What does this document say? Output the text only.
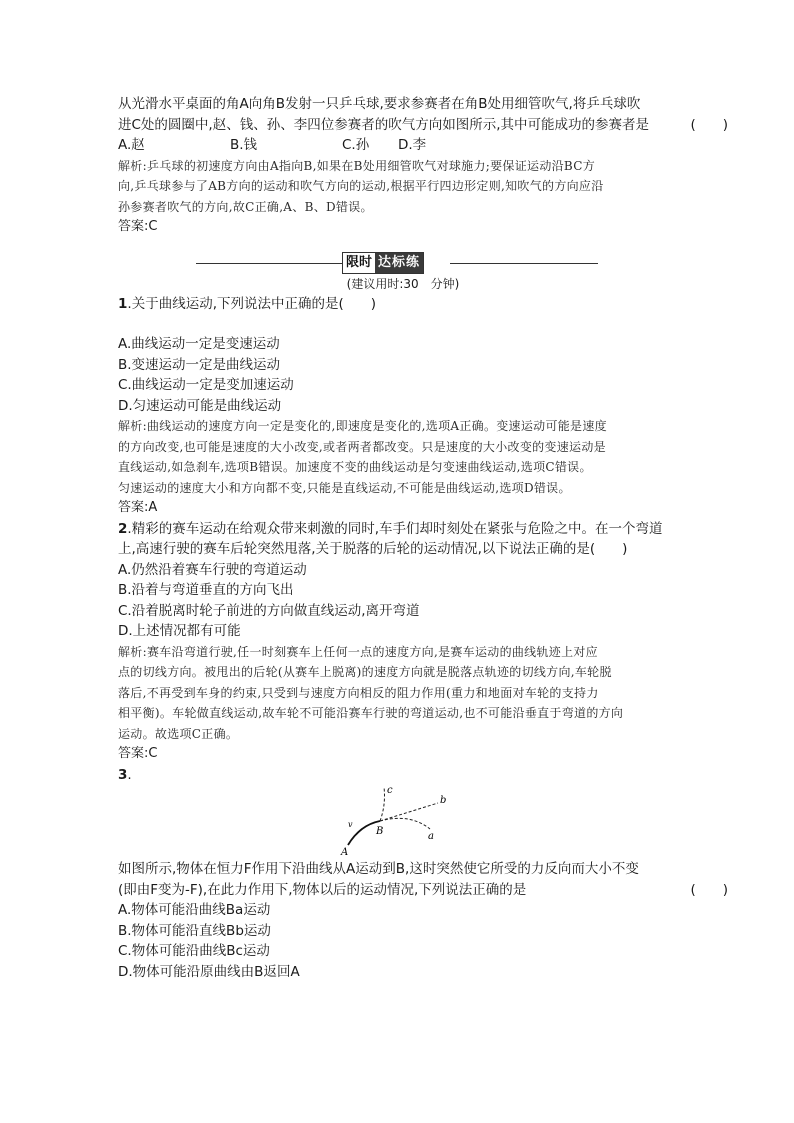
从光滑水平桌面的角A向角B发射一只乒乓球,要求参赛者在角B处用细管吹气,将乒乓球吹
进C处的圆圈中,赵、钱、孙、李四位参赛者的吹气方向如图所示,其中可能成功的参赛者是	(　　)
A.赵	B.钱	C.孙 D.李
解析:乒乓球的初速度方向由A指向B,如果在B处用细管吹气对球施力;要保证运动沿BC方
向,乒乓球参与了AB方向的运动和吹气方向的运动,根据平行四边形定则,知吹气的方向应沿
孙参赛者吹气的方向,故C正确,A、B、D错误。
答案:C
限时 达标练
(建议用时:30　分钟)
1.关于曲线运动,下列说法中正确的是(　　)
A.曲线运动一定是变速运动
B.变速运动一定是曲线运动
C.曲线运动一定是变加速运动
D.匀速运动可能是曲线运动
解析:曲线运动的速度方向一定是变化的,即速度是变化的,选项A正确。变速运动可能是速度
的方向改变,也可能是速度的大小改变,或者两者都改变。只是速度的大小改变的变速运动是
直线运动,如急刹车,选项B错误。加速度不变的曲线运动是匀变速曲线运动,选项C错误。
匀速运动的速度大小和方向都不变,只能是直线运动,不可能是曲线运动,选项D错误。
答案:A
2.精彩的赛车运动在给观众带来刺激的同时,车手们却时刻处在紧张与危险之中。在一个弯道
上,高速行驶的赛车后轮突然甩落,关于脱落的后轮的运动情况,以下说法正确的是(　　)
A.仍然沿着赛车行驶的弯道运动
B.沿着与弯道垂直的方向飞出
C.沿着脱离时轮子前进的方向做直线运动,离开弯道
D.上述情况都有可能
解析:赛车沿弯道行驶,任一时刻赛车上任何一点的速度方向,是赛车运动的曲线轨迹上对应
点的切线方向。被甩出的后轮(从赛车上脱离)的速度方向就是脱落点轨迹的切线方向,车轮脱
落后,不再受到车身的约束,只受到与速度方向相反的阻力作用(重力和地面对车轮的支持力
相平衡)。车轮做直线运动,故车轮不可能沿赛车行驶的弯道运动,也不可能沿垂直于弯道的方向
运动。故选项C正确。
答案:C
3.
c
b
a
B
A
v
如图所示,物体在恒力F作用下沿曲线从A运动到B,这时突然使它所受的力反向而大小不变
(即由F变为-F),在此力作用下,物体以后的运动情况,下列说法正确的是	(　　)
A.物体可能沿曲线Ba运动
B.物体可能沿直线Bb运动
C.物体可能沿曲线Bc运动
D.物体可能沿原曲线由B返回A
